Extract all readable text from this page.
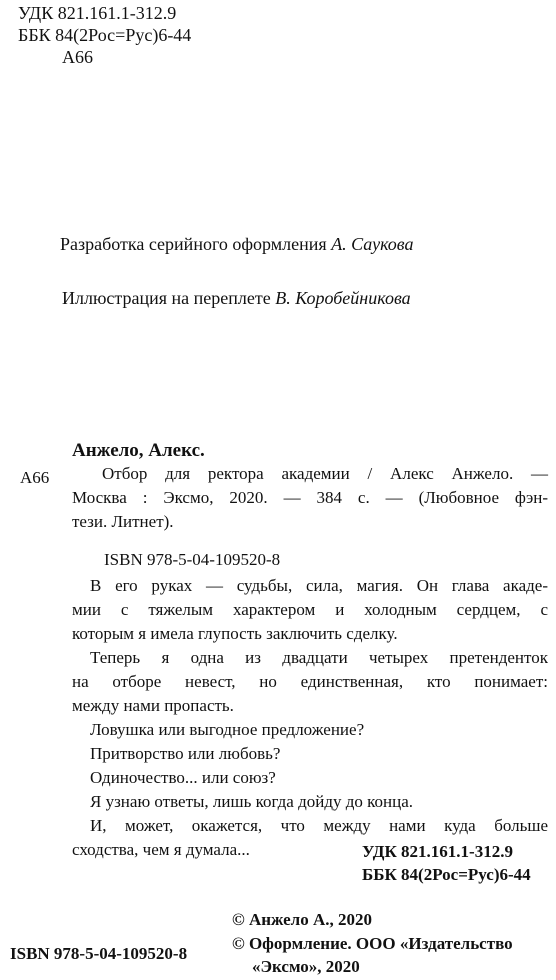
УДК 821.161.1-312.9
ББК 84(2Рос=Рус)6-44
А66
Разработка серийного оформления А. Саукова
Иллюстрация на переплете В. Коробейникова
Анжело, Алекс.
А66	Отбор для ректора академии / Алекс Анжело. —
Москва : Эксмо, 2020. — 384 с. — (Любовное фэн-
тези. Литнет).
ISBN 978-5-04-109520-8
В его руках — судьбы, сила, магия. Он глава акаде-
мии с тяжелым характером и холодным сердцем, с
которым я имела глупость заключить сделку.
Теперь я одна из двадцати четырех претенденток
на отборе невест, но единственная, кто понимает:
между нами пропасть.
Ловушка или выгодное предложение?
Притворство или любовь?
Одиночество... или союз?
Я узнаю ответы, лишь когда дойду до конца.
И, может, окажется, что между нами куда больше
сходства, чем я думала...	УДК 821.161.1-312.9
ББК 84(2Рос=Рус)6-44
© Анжело А., 2020
© Оформление. ООО «Издательство
«Эксмо», 2020
ISBN 978-5-04-109520-8
